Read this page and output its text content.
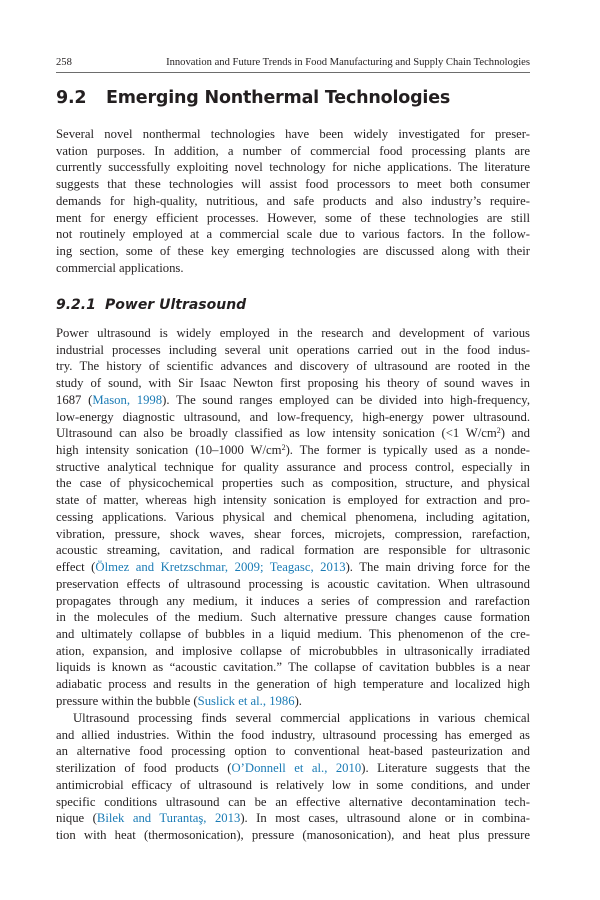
258	Innovation and Future Trends in Food Manufacturing and Supply Chain Technologies
9.2 Emerging Nonthermal Technologies
Several novel nonthermal technologies have been widely investigated for preser-
vation purposes. In addition, a number of commercial food processing plants are
currently successfully exploiting novel technology for niche applications. The literature
suggests that these technologies will assist food processors to meet both consumer
demands for high-quality, nutritious, and safe products and also industry’s require-
ment for energy efficient processes. However, some of these technologies are still
not routinely employed at a commercial scale due to various factors. In the follow-
ing section, some of these key emerging technologies are discussed along with their
commercial applications.
9.2.1 Power Ultrasound
Power ultrasound is widely employed in the research and development of various
industrial processes including several unit operations carried out in the food indus-
try. The history of scientific advances and discovery of ultrasound are rooted in the
study of sound, with Sir Isaac Newton first proposing his theory of sound waves in
1687 (Mason, 1998). The sound ranges employed can be divided into high-frequency,
low-energy diagnostic ultrasound, and low-frequency, high-energy power ultrasound.
Ultrasound can also be broadly classified as low intensity sonication (<1 $W/cm^2$) and
high intensity sonication (10–1000 $W/cm^2$). The former is typically used as a nonde-
structive analytical technique for quality assurance and process control, especially in
the case of physicochemical properties such as composition, structure, and physical
state of matter, whereas high intensity sonication is employed for extraction and pro-
cessing applications. Various physical and chemical phenomena, including agitation,
vibration, pressure, shock waves, shear forces, microjets, compression, rarefaction,
acoustic streaming, cavitation, and radical formation are responsible for ultrasonic
effect (Ölmez and Kretzschmar, 2009; Teagasc, 2013). The main driving force for the
preservation effects of ultrasound processing is acoustic cavitation. When ultrasound
propagates through any medium, it induces a series of compression and rarefaction
in the molecules of the medium. Such alternative pressure changes cause formation
and ultimately collapse of bubbles in a liquid medium. This phenomenon of the cre-
ation, expansion, and implosive collapse of microbubbles in ultrasonically irradiated
liquids is known as “acoustic cavitation.” The collapse of cavitation bubbles is a near
adiabatic process and results in the generation of high temperature and localized high
pressure within the bubble (Suslick et al., 1986).
Ultrasound processing finds several commercial applications in various chemical
and allied industries. Within the food industry, ultrasound processing has emerged as
an alternative food processing option to conventional heat-based pasteurization and
sterilization of food products (O’Donnell et al., 2010). Literature suggests that the
antimicrobial efficacy of ultrasound is relatively low in some conditions, and under
specific conditions ultrasound can be an effective alternative decontamination tech-
nique (Bilek and Turantaş, 2013). In most cases, ultrasound alone or in combina-
tion with heat (thermosonication), pressure (manosonication), and heat plus pressure
